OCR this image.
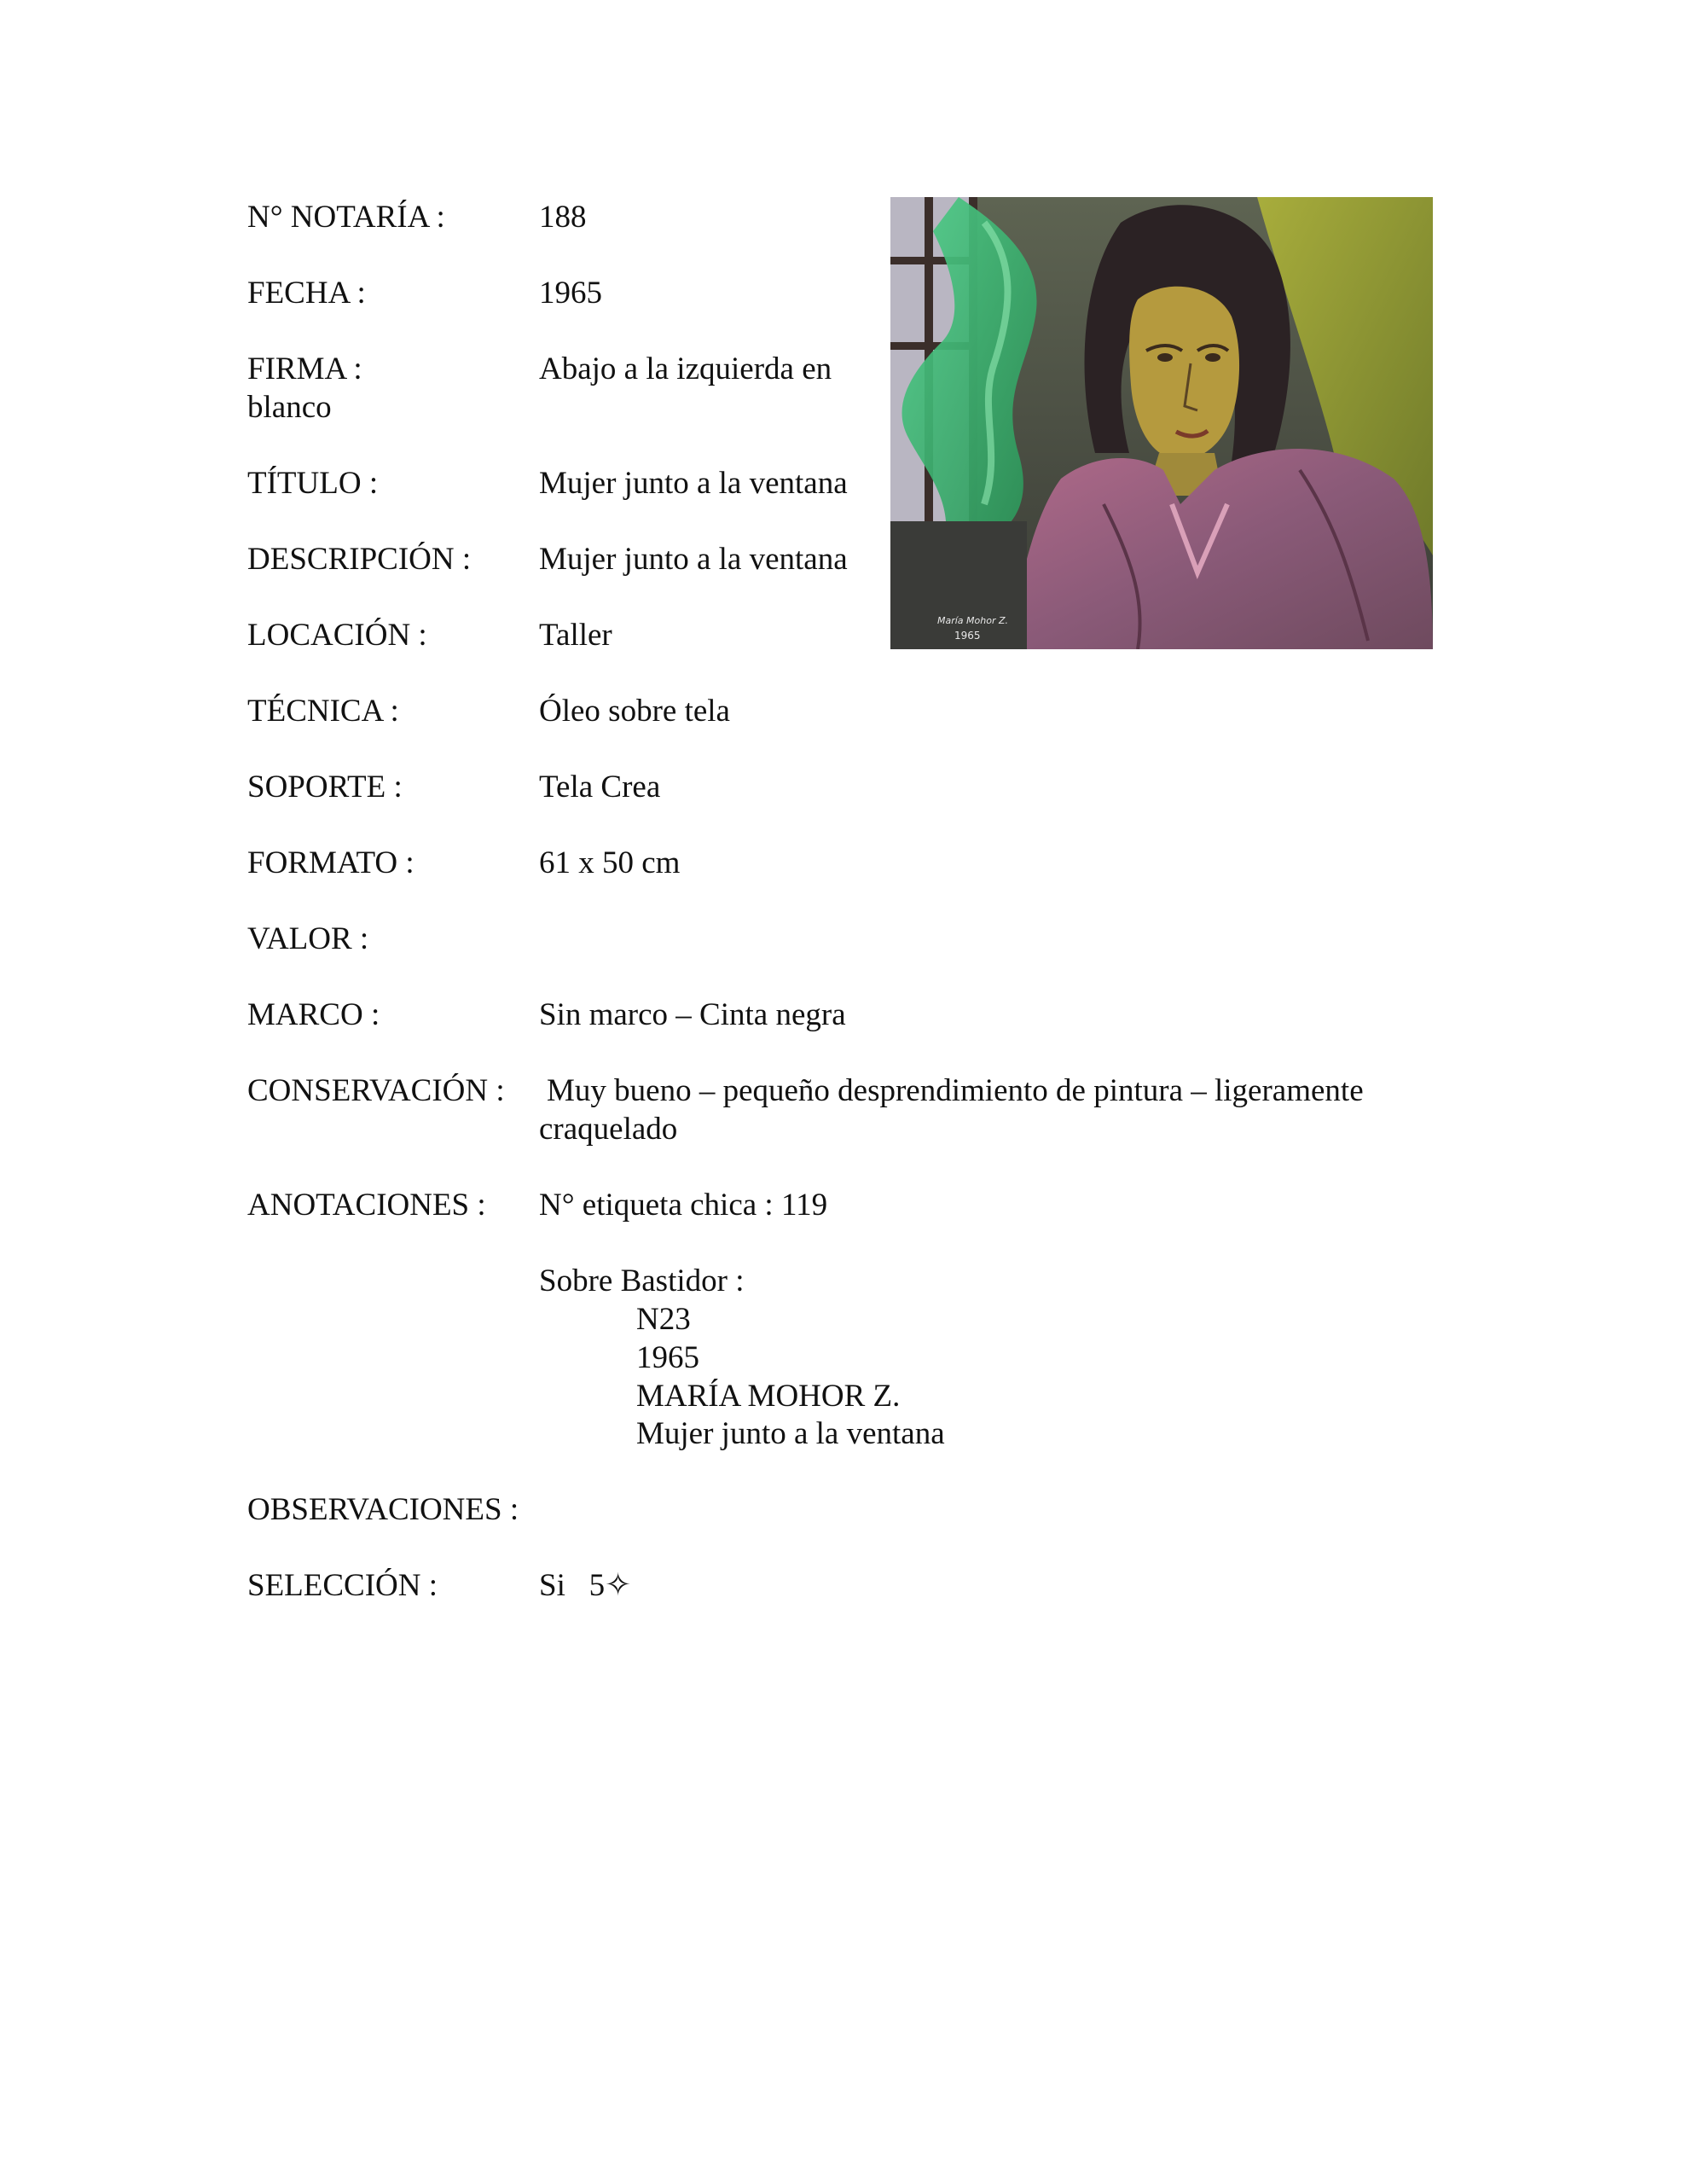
N° NOTARÍA :	188
FECHA :	1965
FIRMA :	Abajo a la izquierda en
blanco
TÍTULO :	Mujer junto a la ventana
DESCRIPCIÓN : Mujer junto a la ventana
LOCACIÓN :	Taller
TÉCNICA :	Óleo sobre tela
SOPORTE :	Tela Crea
FORMATO :	61 x 50 cm
VALOR :
MARCO :	Sin marco – Cinta negra
CONSERVACIÓN : Muy bueno – pequeño desprendimiento de pintura – ligeramente
craquelado
ANOTACIONES : N° etiqueta chica : 119
Sobre Bastidor :
N23
1965
MARÍA MOHOR Z.
Mujer junto a la ventana
OBSERVACIONES :
SELECCIÓN :	Si   5✧
María Mohor Z.
1965
